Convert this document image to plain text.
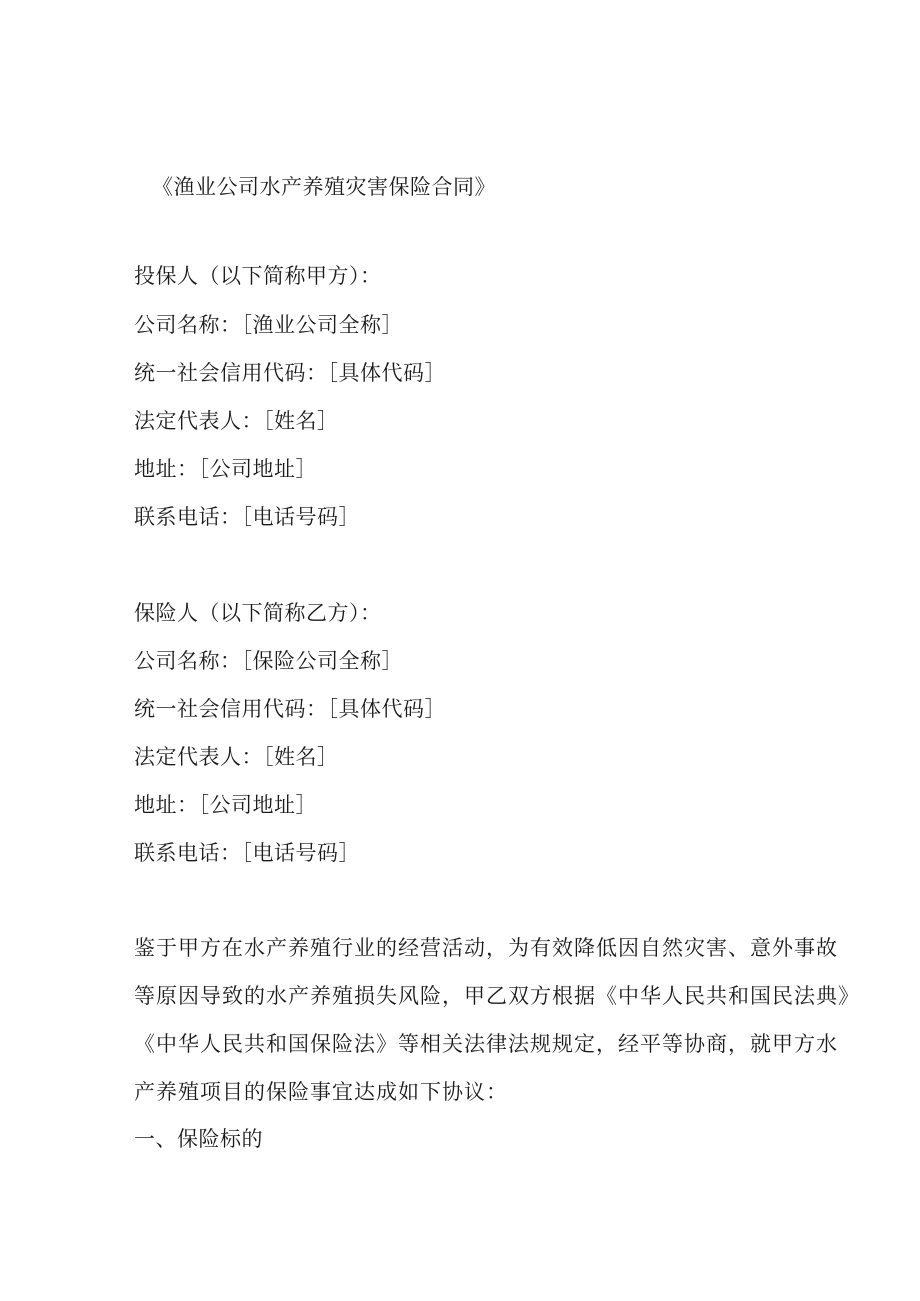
《渔业公司水产养殖灾害保险合同》
投保人（以下简称甲方）：
公司名称：［渔业公司全称］
统一社会信用代码：［具体代码］
法定代表人：［姓名］
地址：［公司地址］
联系电话：［电话号码］
保险人（以下简称乙方）：
公司名称：［保险公司全称］
统一社会信用代码：［具体代码］
法定代表人：［姓名］
地址：［公司地址］
联系电话：［电话号码］
鉴于甲方在水产养殖行业的经营活动，为有效降低因自然灾害、意外事故
等原因导致的水产养殖损失风险，甲乙双方根据《中华人民共和国民法典》
《中华人民共和国保险法》等相关法律法规规定，经平等协商，就甲方水
产养殖项目的保险事宜达成如下协议：
一、保险标的
